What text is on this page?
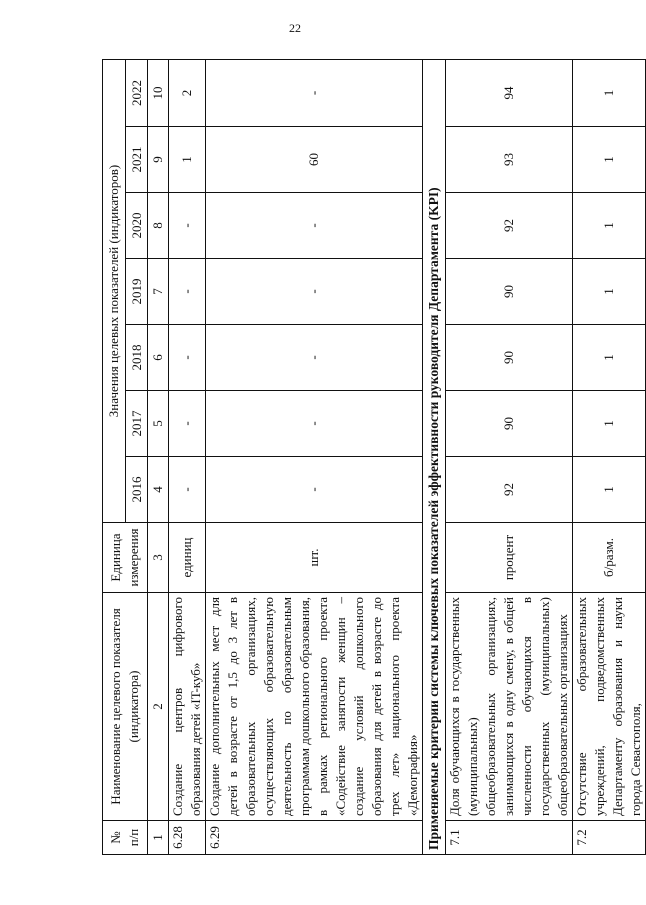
22
№ п/п	Наименование целевого показателя (индикатора)	Единица измерения	Значения целевых показателей (индикаторов)						
			2016	2017	2018	2019	2020	2021	2022
1	2	3	4	5	6	7	8	9	10
6.28	Создание центров цифрового образования детей «IT-куб»	единиц	-	-	-	-	-	1	2
6.29	Создание дополнительных мест для детей в возрасте от 1,5 до 3 лет в образовательных организациях, осуществляющих образовательную деятельность по образовательным программам дошкольного образования, в рамках регионального проекта «Содействие занятости женщин – создание условий дошкольного образования для детей в возрасте до трех лет» национального проекта «Демография»	шт.	-	-	-	-	-	60	-
Применяемые критерии системы ключевых показателей эффективности руководителя Департамента (KPI)									
7.1	Доля обучающихся в государственных (муниципальных) общеобразовательных организациях, занимающихся в одну смену, в общей численности обучающихся в государственных (муниципальных) общеобразовательных организациях	процент	92	90	90	90	92	93	94
7.2	Отсутствие образовательных учреждений, подведомственных Департаменту образования и науки города Севастополя,	б/разм.	1	1	1	1	1	1	1
